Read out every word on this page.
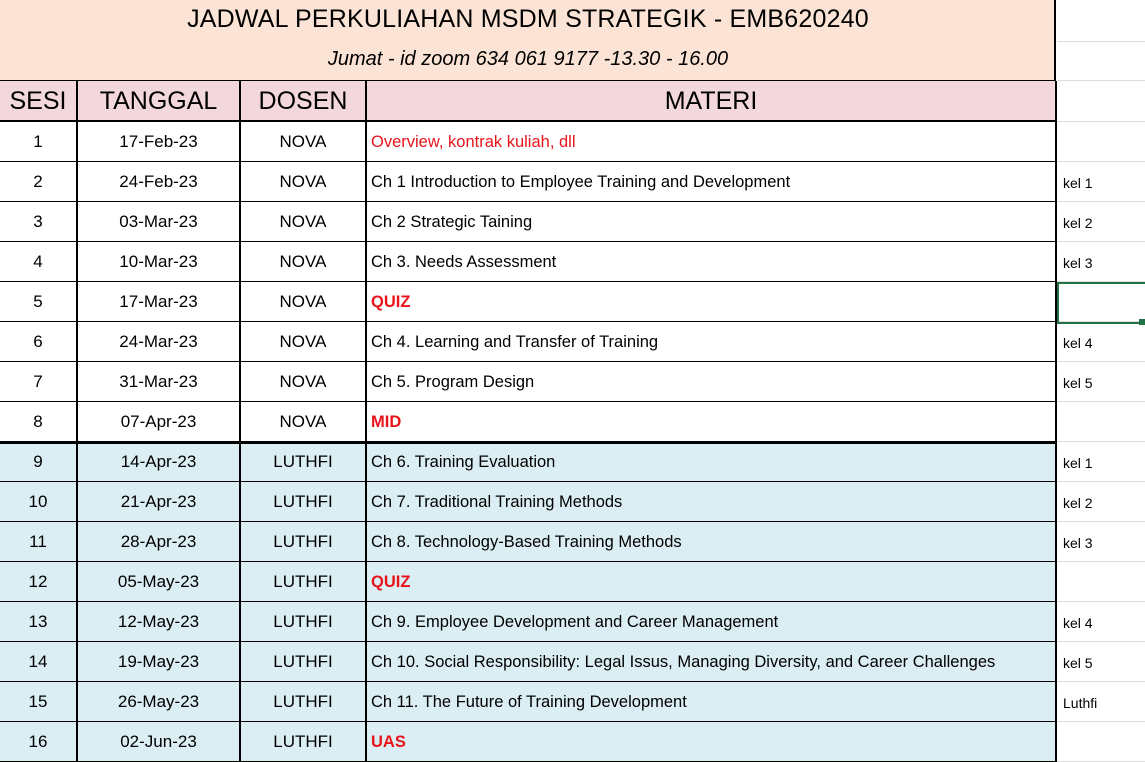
JADWAL PERKULIAHAN MSDM STRATEGIK - EMB620240
Jumat - id zoom 634 061 9177 -13.30 - 16.00
SESI	TANGGAL	DOSEN	MATERI
1	17-Feb-23	NOVA	Overview, kontrak kuliah, dll
2	24-Feb-23	NOVA	Ch 1 Introduction to Employee Training and Development	kel 1
3	03-Mar-23	NOVA	Ch 2 Strategic Taining	kel 2
4	10-Mar-23	NOVA	Ch 3. Needs Assessment	kel 3
5	17-Mar-23	NOVA	QUIZ
6	24-Mar-23	NOVA	Ch 4. Learning and Transfer of Training	kel 4
7	31-Mar-23	NOVA	Ch 5. Program Design	kel 5
8	07-Apr-23	NOVA	MID
9	14-Apr-23	LUTHFI	Ch 6. Training Evaluation	kel 1
10	21-Apr-23	LUTHFI	Ch 7. Traditional Training Methods	kel 2
11	28-Apr-23	LUTHFI	Ch 8. Technology-Based Training Methods	kel 3
12	05-May-23	LUTHFI	QUIZ
13	12-May-23	LUTHFI	Ch 9. Employee Development and Career Management	kel 4
14	19-May-23	LUTHFI	Ch 10. Social Responsibility: Legal Issus, Managing Diversity, and Career Challenges	kel 5
15	26-May-23	LUTHFI	Ch 11. The Future of Training Development	Luthfi
16	02-Jun-23	LUTHFI	UAS
